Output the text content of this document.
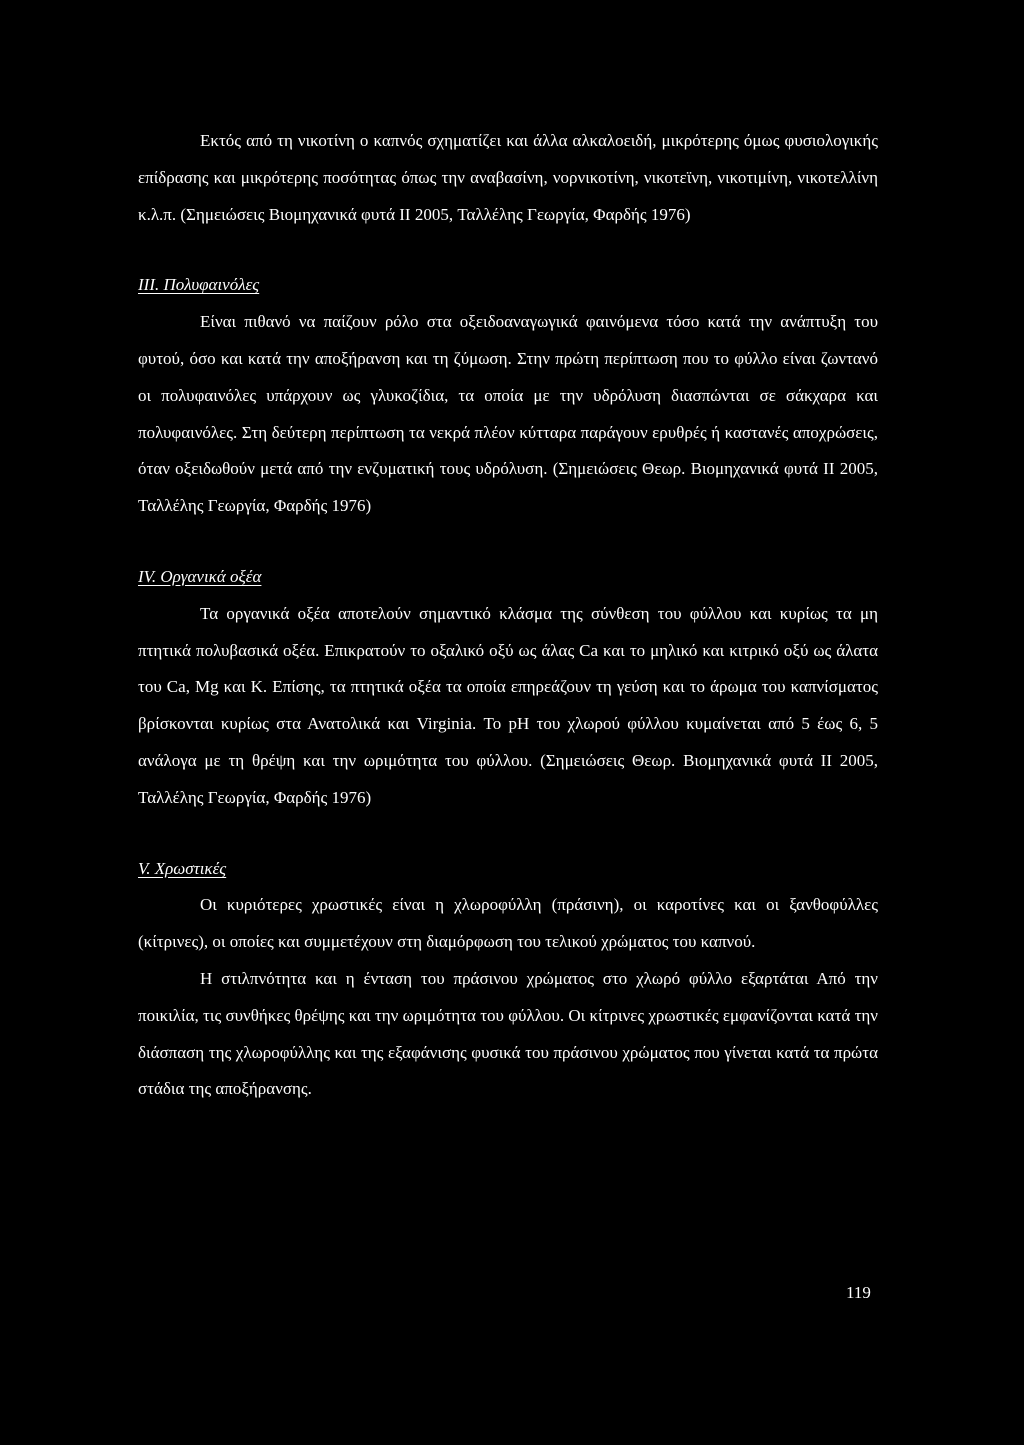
Εκτός από τη νικοτίνη ο καπνός σχηματίζει και άλλα αλκαλοειδή, μικρότερης όμως φυσιολογικής επίδρασης και μικρότερης ποσότητας όπως την αναβασίνη, νορνικοτίνη, νικοτεϊνη, νικοτιμίνη, νικοτελλίνη κ.λ.π. (Σημειώσεις Βιομηχανικά φυτά II 2005, Ταλλέλης Γεωργία, Φαρδής 1976)

III. Πολυφαινόλες

Είναι πιθανό να παίζουν ρόλο στα οξειδοαναγωγικά φαινόμενα τόσο κατά την ανάπτυξη του φυτού, όσο και κατά την αποξήρανση και τη ζύμωση. Στην πρώτη περίπτωση που το φύλλο είναι ζωντανό οι πολυφαινόλες υπάρχουν ως γλυκοζίδια, τα οποία με την υδρόλυση διασπώνται σε σάκχαρα και πολυφαινόλες. Στη δεύτερη περίπτωση τα νεκρά πλέον κύτταρα παράγουν ερυθρές ή καστανές αποχρώσεις, όταν οξειδωθούν μετά από την ενζυματική τους υδρόλυση. (Σημειώσεις Θεωρ. Βιομηχανικά φυτά II 2005, Ταλλέλης Γεωργία, Φαρδής 1976)

IV. Οργανικά οξέα

Τα οργανικά οξέα αποτελούν σημαντικό κλάσμα της σύνθεση του φύλλου και κυρίως τα μη πτητικά πολυβασικά οξέα. Επικρατούν το οξαλικό οξύ ως άλας Ca και το μηλικό και κιτρικό οξύ ως άλατα του Ca, Mg και K. Επίσης, τα πτητικά οξέα τα οποία επηρεάζουν τη γεύση και το άρωμα του καπνίσματος βρίσκονται κυρίως στα Ανατολικά και Virginia. Το pH του χλωρού φύλλου κυμαίνεται από 5 έως 6, 5 ανάλογα με τη θρέψη και την ωριμότητα του φύλλου. (Σημειώσεις Θεωρ. Βιομηχανικά φυτά II 2005, Ταλλέλης Γεωργία, Φαρδής 1976)

V. Χρωστικές

Οι κυριότερες χρωστικές είναι η χλωροφύλλη (πράσινη), οι καροτίνες και οι ξανθοφύλλες (κίτρινες), οι οποίες και συμμετέχουν στη διαμόρφωση του τελικού χρώματος του καπνού.

Η στιλπνότητα και η ένταση του πράσινου χρώματος στο χλωρό φύλλο εξαρτάται Από την ποικιλία, τις συνθήκες θρέψης και την ωριμότητα του φύλλου. Οι κίτρινες χρωστικές εμφανίζονται κατά την διάσπαση της χλωροφύλλης και της εξαφάνισης φυσικά του πράσινου χρώματος που γίνεται κατά τα πρώτα στάδια της αποξήρανσης.

119
